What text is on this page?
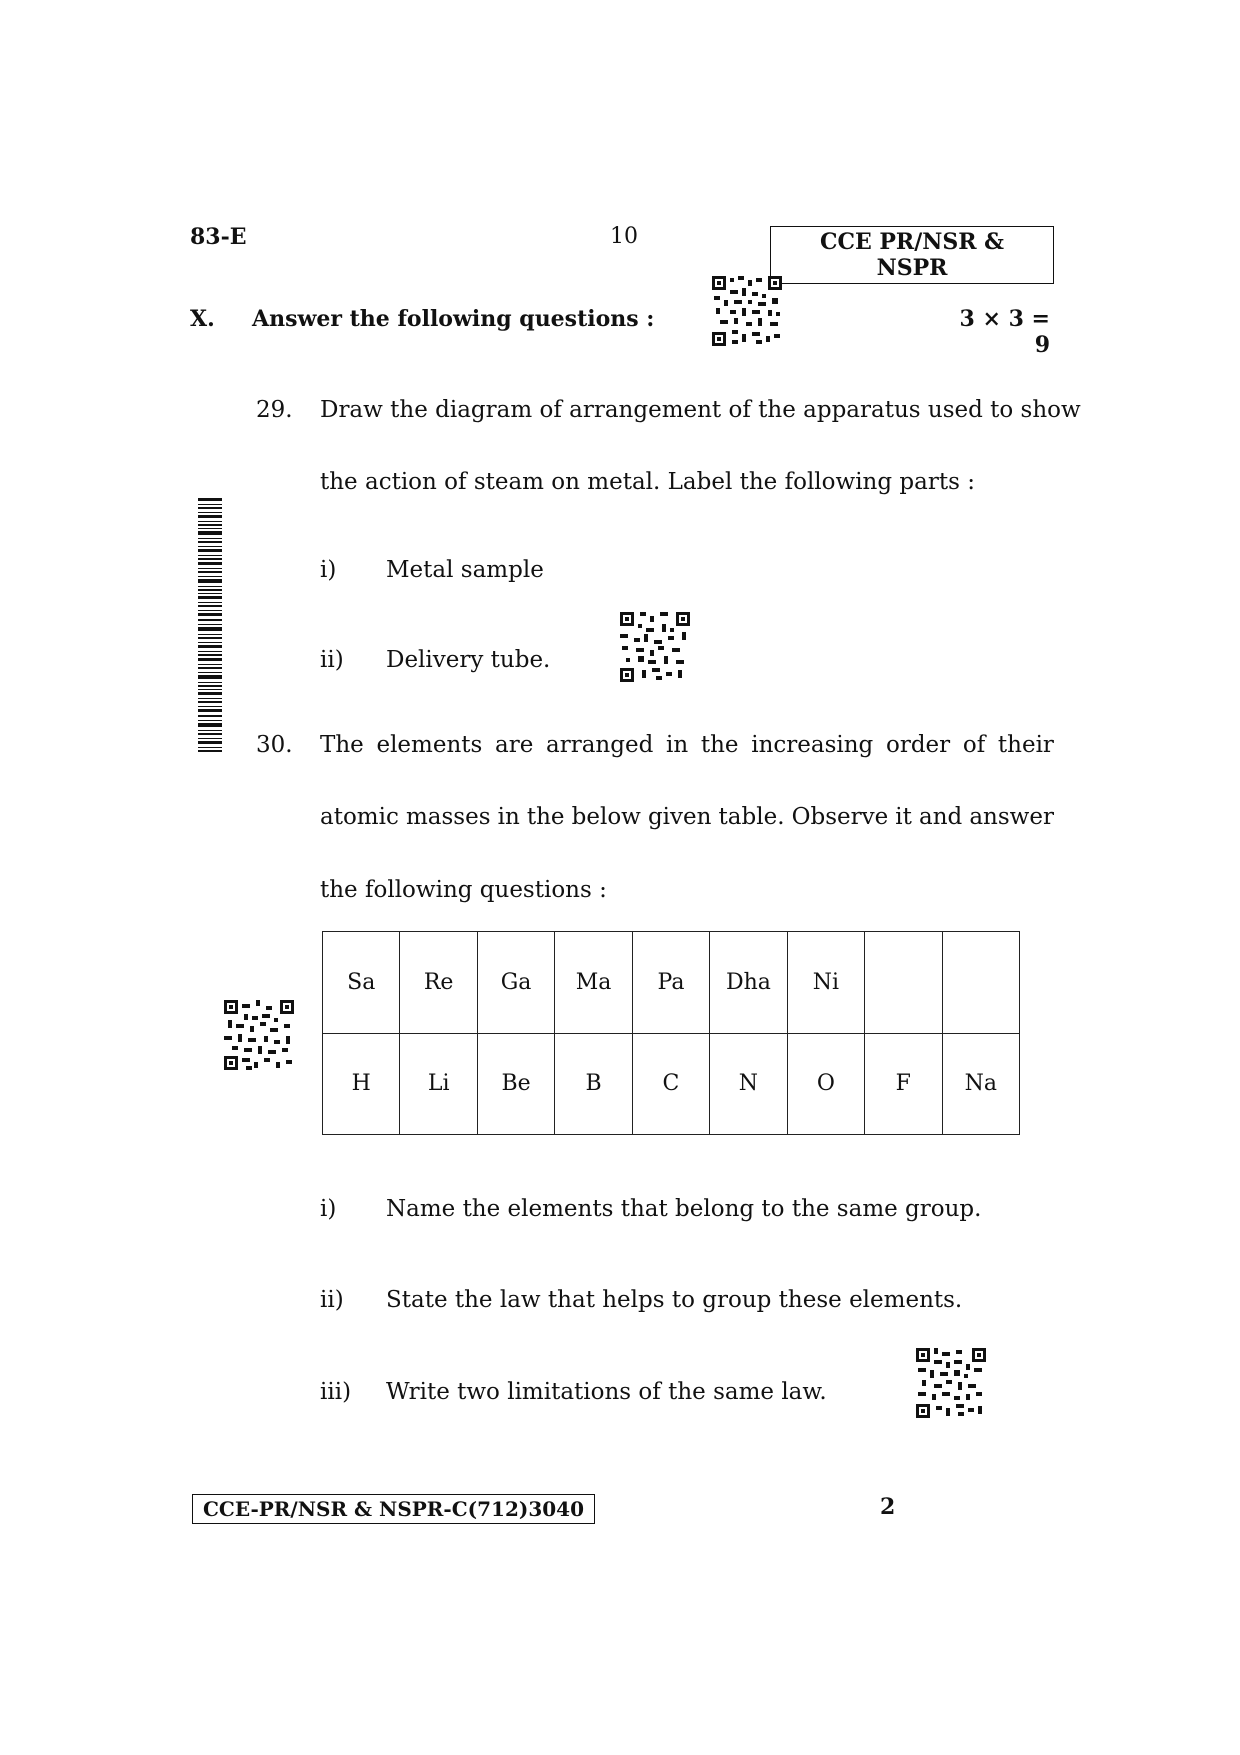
83-E	10	CCE PR/NSR & NSPR
X. Answer the following questions :	3 × 3 = 9
29. Draw the diagram of arrangement of the apparatus used to show
the action of steam on metal. Label the following parts :
i) Metal sample
ii) Delivery tube.
30. The elements are arranged in the increasing order of their
atomic masses in the below given table. Observe it and answer
the following questions :
Sa	Re	Ga	Ma	Pa	Dha	Ni		
H	Li	Be	B	C	N	O	F	Na
i) Name the elements that belong to the same group.
ii) State the law that helps to group these elements.
iii) Write two limitations of the same law.
CCE-PR/NSR & NSPR-C(712)3040	2
